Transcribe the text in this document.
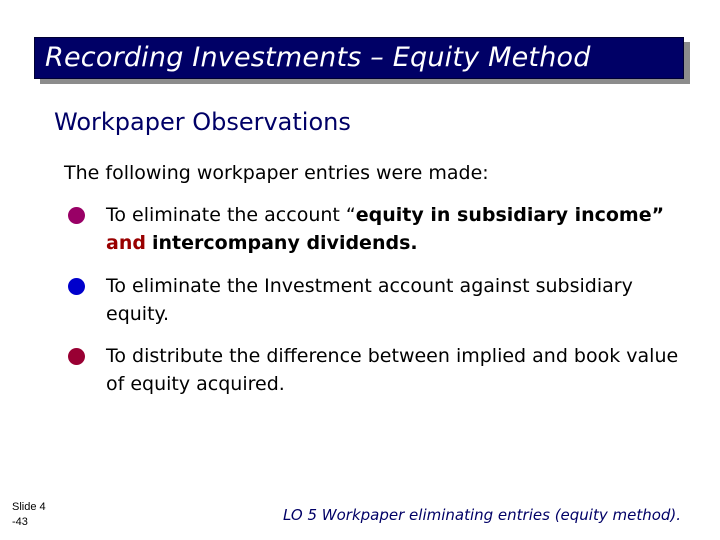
Recording Investments – Equity Method
Workpaper Observations
The following workpaper entries were made:
To eliminate the account “equity in subsidiary income”
and intercompany dividends.
To eliminate the Investment account against subsidiary equity.
To distribute the difference between implied and book value of equity acquired.
Slide 4
-43	LO 5 Workpaper eliminating entries (equity method).
